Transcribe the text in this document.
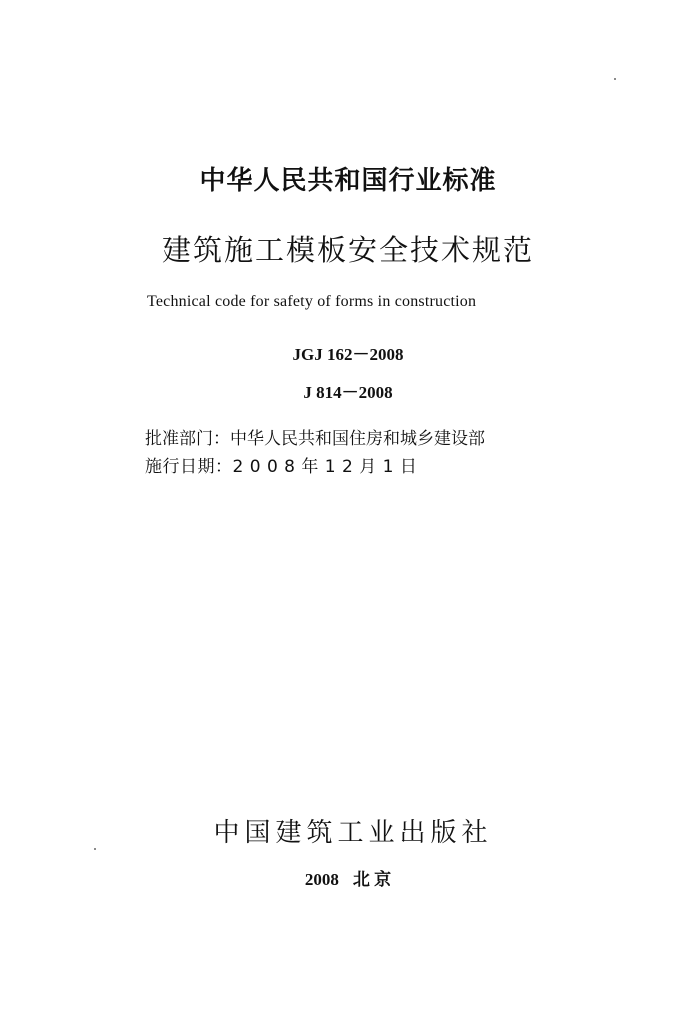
中华人民共和国行业标准
建筑施工模板安全技术规范
Technical code for safety of forms in construction
JGJ 162－2008
J 814－2008
批准部门：中华人民共和国住房和城乡建设部
施行日期：2 0 0 8 年 1 2 月 1 日
中国建筑工业出版社
2008 北 京
